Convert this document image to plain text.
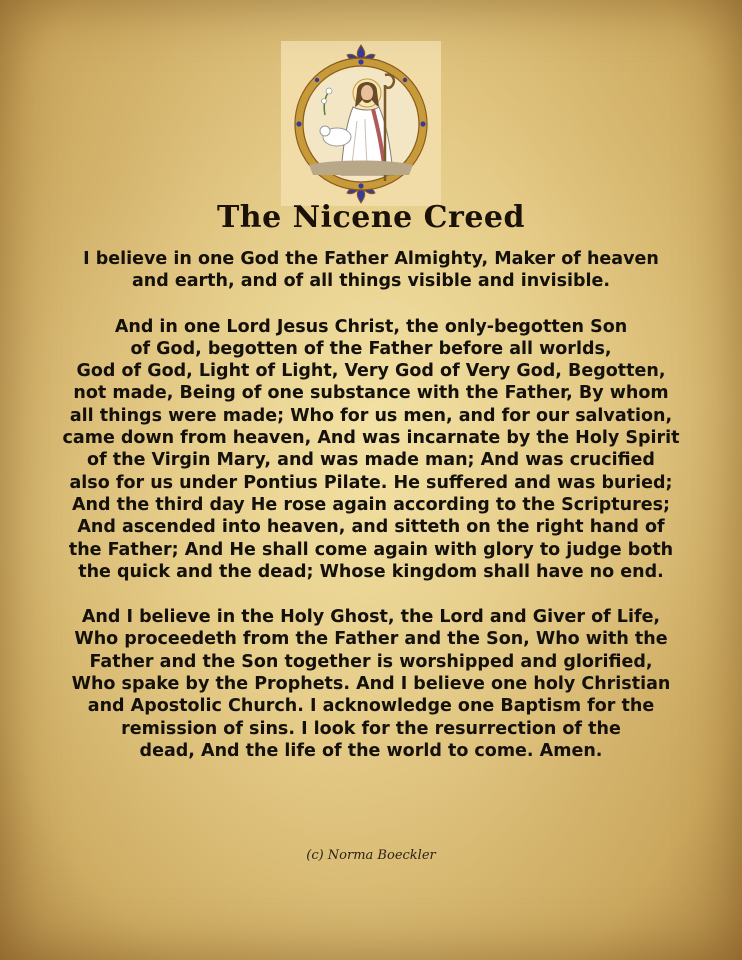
The Nicene Creed
I believe in one God the Father Almighty, Maker of heaven
and earth, and of all things visible and invisible.
And in one Lord Jesus Christ, the only-begotten Son
of God, begotten of the Father before all worlds,
God of God, Light of Light, Very God of Very God, Begotten,
not made, Being of one substance with the Father, By whom
all things were made; Who for us men, and for our salvation,
came down from heaven, And was incarnate by the Holy Spirit
of the Virgin Mary, and was made man; And was crucified
also for us under Pontius Pilate. He suffered and was buried;
And the third day He rose again according to the Scriptures;
And ascended into heaven, and sitteth on the right hand of
the Father; And He shall come again with glory to judge both
the quick and the dead; Whose kingdom shall have no end.
And I believe in the Holy Ghost, the Lord and Giver of Life,
Who proceedeth from the Father and the Son, Who with the
Father and the Son together is worshipped and glorified,
Who spake by the Prophets. And I believe one holy Christian
and Apostolic Church. I acknowledge one Baptism for the
remission of sins. I look for the resurrection of the
dead, And the life of the world to come. Amen.
(c) Norma Boeckler
